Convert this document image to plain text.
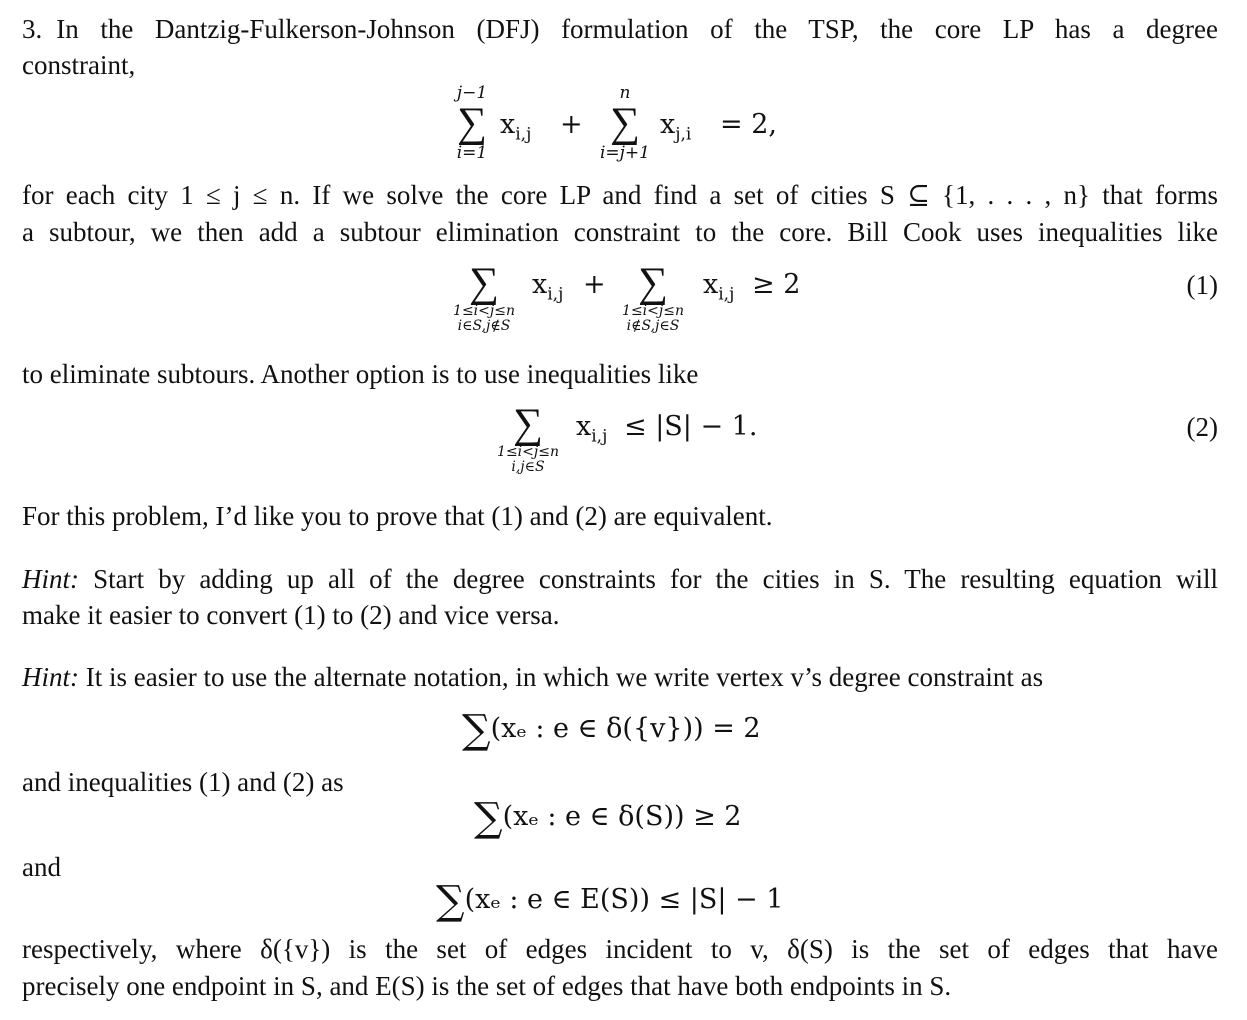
3. In the Dantzig-Fulkerson-Johnson (DFJ) formulation of the TSP, the core LP has a degree
constraint,
j−1
∑
i=1
$x_{i,j}$ +
n
∑
i=j+1
$x_{j,i} = 2$,
for each city 1 ≤ j ≤ n. If we solve the core LP and find a set of cities S ⊆ {1, . . . , n} that forms
a subtour, we then add a subtour elimination constraint to the core. Bill Cook uses inequalities like
∑
1≤i<j≤n
i∈S,j∉S
$x_{i,j}$ + ∑
1≤i<j≤n
i∉S,j∈S
$x_{i,j} \ge 2$	(1)
to eliminate subtours. Another option is to use inequalities like
∑
1≤i<j≤n
i,j∈S
$x_{i,j} \le |S| - 1$.	(2)
For this problem, I’d like you to prove that (1) and (2) are equivalent.
Hint: Start by adding up all of the degree constraints for the cities in S. The resulting equation will
make it easier to convert (1) to (2) and vice versa.
Hint: It is easier to use the alternate notation, in which we write vertex v’s degree constraint as
∑(xₑ : e ∈ δ({v})) = 2
and inequalities (1) and (2) as
∑(xₑ : e ∈ δ(S)) ≥ 2
and
∑(xₑ : e ∈ E(S)) ≤ |S| − 1
respectively, where δ({v}) is the set of edges incident to v, δ(S) is the set of edges that have
precisely one endpoint in S, and E(S) is the set of edges that have both endpoints in S.
